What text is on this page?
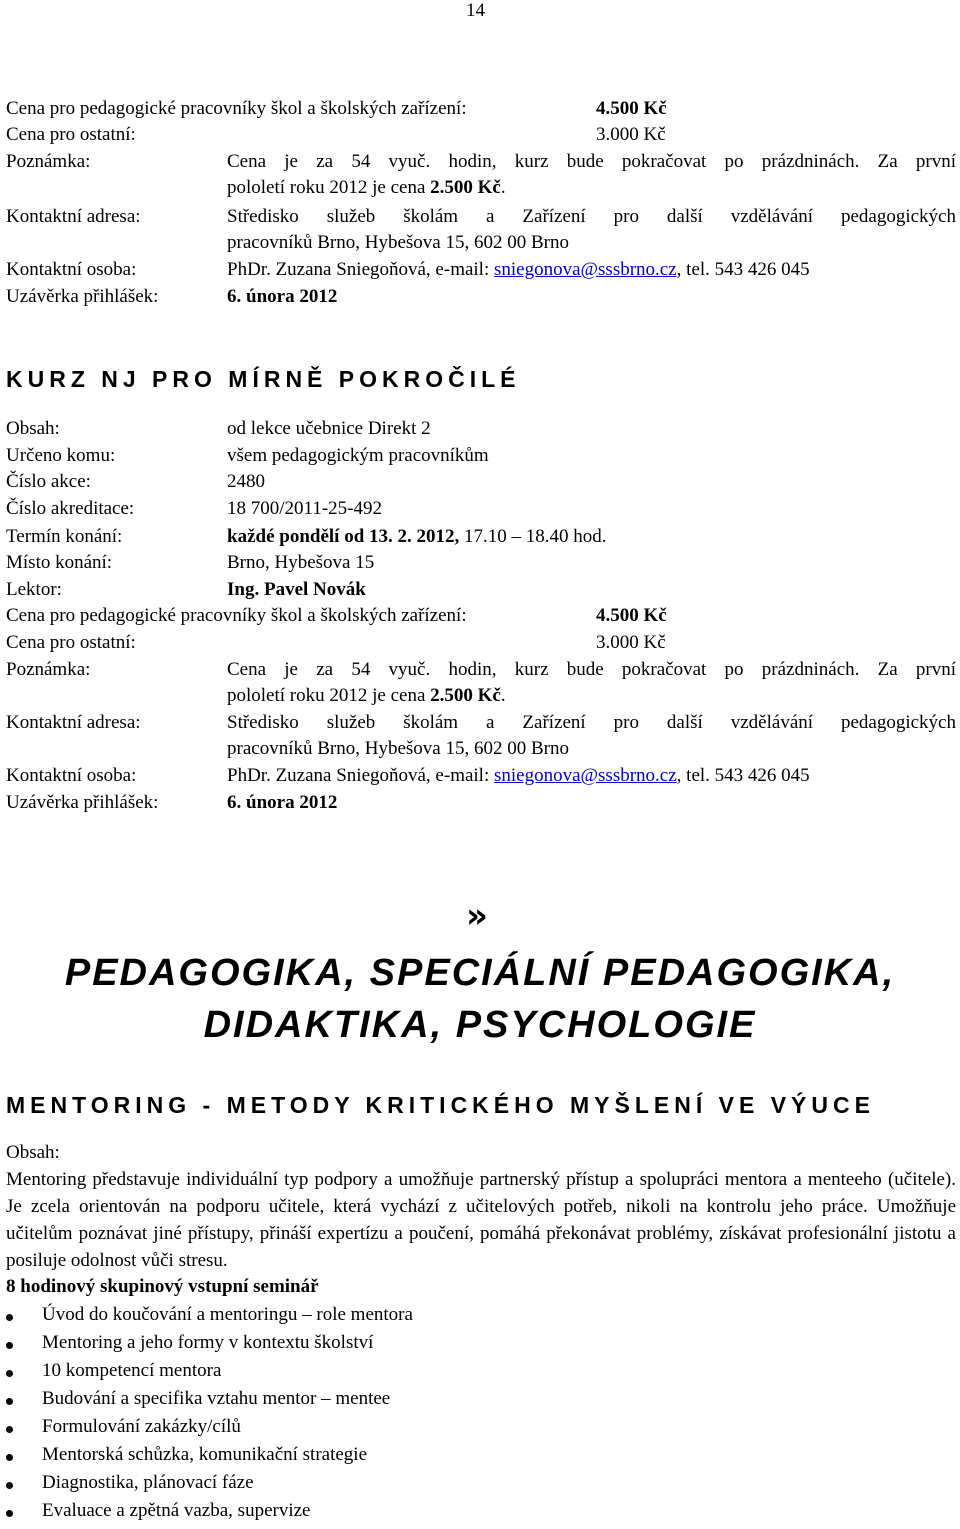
14
Cena pro pedagogické pracovníky škol a školských zařízení:	4.500 Kč
Cena pro ostatní:	3.000 Kč
Poznámka:	Cena je za 54 vyuč. hodin, kurz bude pokračovat po prázdninách. Za první
pololetí roku 2012 je cena 2.500 Kč.
Kontaktní adresa:	Středisko služeb školám a Zařízení pro další vzdělávání pedagogických
pracovníků Brno, Hybešova 15, 602 00 Brno
Kontaktní osoba:	PhDr. Zuzana Sniegoňová, e-mail: sniegonova@sssbrno.cz, tel. 543 426 045
Uzávěrka přihlášek:	6. února 2012
KURZ NJ PRO MÍRNĚ POKROČILÉ
Obsah:	od lekce učebnice Direkt 2
Určeno komu:	všem pedagogickým pracovníkům
Číslo akce:	2480
Číslo akreditace:	18 700/2011-25-492
Termín konání:	každé pondělí od 13. 2. 2012, 17.10 – 18.40 hod.
Místo konání:	Brno, Hybešova 15
Lektor:	Ing. Pavel Novák
Cena pro pedagogické pracovníky škol a školských zařízení:	4.500 Kč
Cena pro ostatní:	3.000 Kč
Poznámka:	Cena je za 54 vyuč. hodin, kurz bude pokračovat po prázdninách. Za první
pololetí roku 2012 je cena 2.500 Kč.
Kontaktní adresa:	Středisko služeb školám a Zařízení pro další vzdělávání pedagogických
pracovníků Brno, Hybešova 15, 602 00 Brno
Kontaktní osoba:	PhDr. Zuzana Sniegoňová, e-mail: sniegonova@sssbrno.cz, tel. 543 426 045
Uzávěrka přihlášek:	6. února 2012
»
PEDAGOGIKA, SPECIÁLNÍ PEDAGOGIKA,
DIDAKTIKA, PSYCHOLOGIE
MENTORING - METODY KRITICKÉHO MYŠLENÍ VE VÝUCE
Obsah:
Mentoring představuje individuální typ podpory a umožňuje partnerský přístup a spolupráci mentora a menteeho (učitele). Je zcela orientován na podporu učitele, která vychází z učitelových potřeb, nikoli na kontrolu jeho práce. Umožňuje učitelům poznávat jiné přístupy, přináší expertízu a poučení, pomáhá překonávat problémy, získávat profesionální jistotu a posiluje odolnost vůči stresu.
8 hodinový skupinový vstupní seminář
Úvod do koučování a mentoringu – role mentora
Mentoring a jeho formy v kontextu školství
10 kompetencí mentora
Budování a specifika vztahu mentor – mentee
Formulování zakázky/cílů
Mentorská schůzka, komunikační strategie
Diagnostika, plánovací fáze
Evaluace a zpětná vazba, supervize
